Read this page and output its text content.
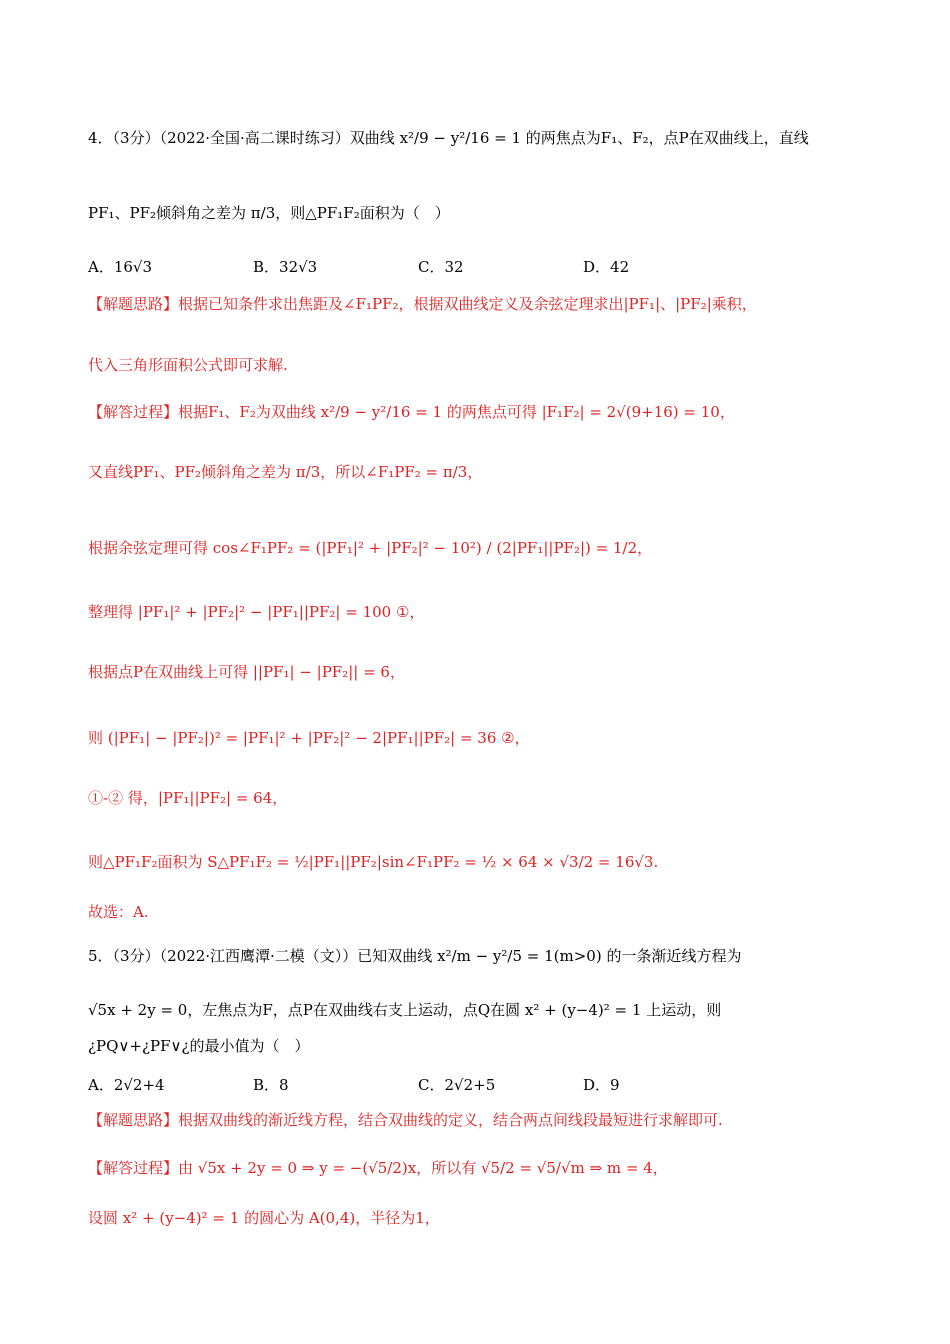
4．（3分）（2022·全国·高二课时练习）双曲线 x²/9 − y²/16 = 1 的两焦点为F₁、F₂，点P在双曲线上，直线
PF₁、PF₂倾斜角之差为 π/3，则△PF₁F₂面积为（　）
A．16√3	B．32√3	C．32	D．42
【解题思路】根据已知条件求出焦距及∠F₁PF₂，根据双曲线定义及余弦定理求出|PF₁|、|PF₂|乘积，
代入三角形面积公式即可求解.
【解答过程】根据F₁、F₂为双曲线 x²/9 − y²/16 = 1 的两焦点可得 |F₁F₂| = 2√(9+16) = 10，
又直线PF₁、PF₂倾斜角之差为 π/3，所以∠F₁PF₂ = π/3，
根据余弦定理可得 cos∠F₁PF₂ = (|PF₁|² + |PF₂|² − 10²) / (2|PF₁||PF₂|) = 1/2，
整理得 |PF₁|² + |PF₂|² − |PF₁||PF₂| = 100 ①，
根据点P在双曲线上可得 ||PF₁| − |PF₂|| = 6，
则 (|PF₁| − |PF₂|)² = |PF₁|² + |PF₂|² − 2|PF₁||PF₂| = 36 ②，
①-② 得，|PF₁||PF₂| = 64，
则△PF₁F₂面积为 S△PF₁F₂ = ½|PF₁||PF₂|sin∠F₁PF₂ = ½ × 64 × √3/2 = 16√3.
故选：A.
5．（3分）（2022·江西鹰潭·二模（文））已知双曲线 x²/m − y²/5 = 1(m>0) 的一条渐近线方程为
√5x + 2y = 0，左焦点为F，点P在双曲线右支上运动，点Q在圆 x² + (y−4)² = 1 上运动，则
¿PQ∨+¿PF∨¿的最小值为（　）
A．2√2+4	B．8	C．2√2+5	D．9
【解题思路】根据双曲线的渐近线方程，结合双曲线的定义，结合两点间线段最短进行求解即可.
【解答过程】由 √5x + 2y = 0 ⇒ y = −(√5/2)x，所以有 √5/2 = √5/√m ⇒ m = 4，
设圆 x² + (y−4)² = 1 的圆心为 A(0,4)，半径为1，
